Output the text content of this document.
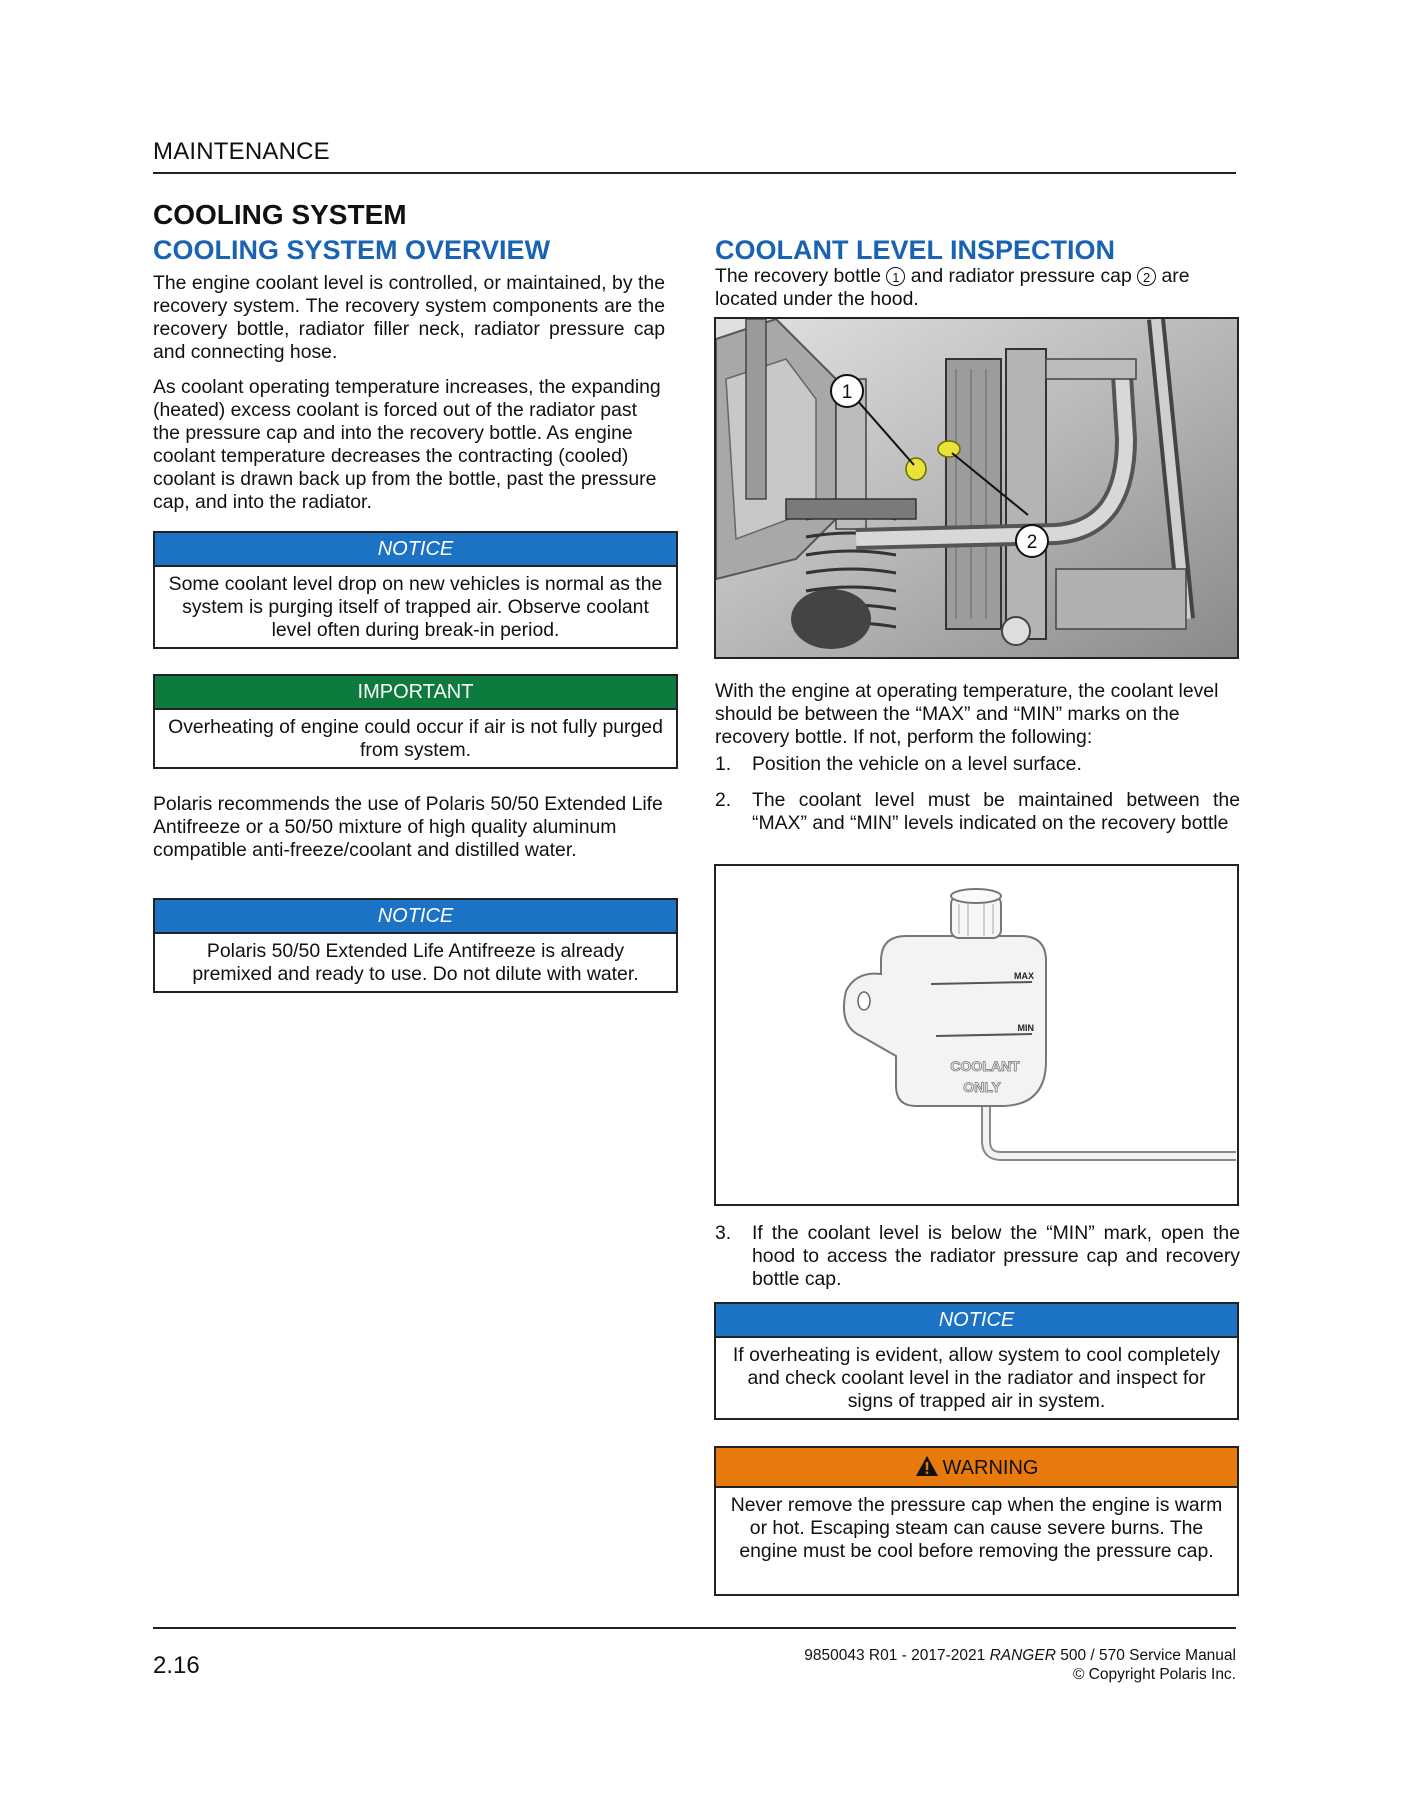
MAINTENANCE
COOLING SYSTEM
COOLING SYSTEM OVERVIEW
The engine coolant level is controlled, or maintained, by the recovery system. The recovery system components are the recovery bottle, radiator filler neck, radiator pressure cap and connecting hose.
As coolant operating temperature increases, the expanding (heated) excess coolant is forced out of the radiator past the pressure cap and into the recovery bottle. As engine coolant temperature decreases the contracting (cooled) coolant is drawn back up from the bottle, past the pressure cap, and into the radiator.
NOTICE
Some coolant level drop on new vehicles is normal as the system is purging itself of trapped air. Observe coolant level often during break-in period.
IMPORTANT
Overheating of engine could occur if air is not fully purged from system.
Polaris recommends the use of Polaris 50/50 Extended Life Antifreeze or a 50/50 mixture of high quality aluminum compatible anti-freeze/coolant and distilled water.
NOTICE
Polaris 50/50 Extended Life Antifreeze is already premixed and ready to use. Do not dilute with water.
COOLANT LEVEL INSPECTION
The recovery bottle 1 and radiator pressure cap 2 are located under the hood.
1
2
With the engine at operating temperature, the coolant level should be between the “MAX” and “MIN” marks on the recovery bottle. If not, perform the following:
1. Position the vehicle on a level surface.
2. The coolant level must be maintained between the “MAX” and “MIN” levels indicated on the recovery bottle
MAX
MIN
COOLANT
ONLY
3. If the coolant level is below the “MIN” mark, open the hood to access the radiator pressure cap and recovery bottle cap.
NOTICE
If overheating is evident, allow system to cool completely and check coolant level in the radiator and inspect for signs of trapped air in system.
WARNING
Never remove the pressure cap when the engine is warm or hot. Escaping steam can cause severe burns. The engine must be cool before removing the pressure cap.
2.16	9850043 R01 - 2017-2021 RANGER 500 / 570 Service Manual
© Copyright Polaris Inc.
